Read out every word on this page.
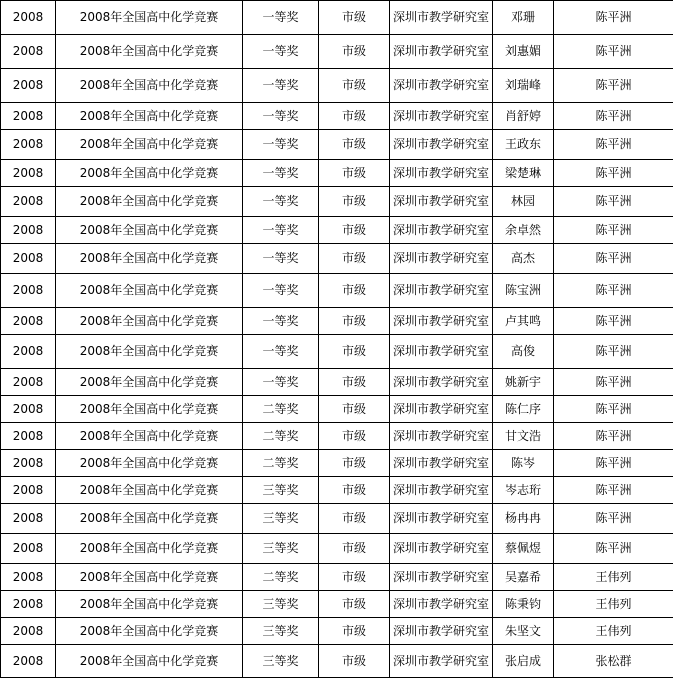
2008	2008年全国高中化学竞赛	一等奖	市级	深圳市教学研究室	邓珊	陈平洲
2008	2008年全国高中化学竞赛	一等奖	市级	深圳市教学研究室	刘惠媚	陈平洲
2008	2008年全国高中化学竞赛	一等奖	市级	深圳市教学研究室	刘瑞峰	陈平洲
2008	2008年全国高中化学竞赛	一等奖	市级	深圳市教学研究室	肖舒婷	陈平洲
2008	2008年全国高中化学竞赛	一等奖	市级	深圳市教学研究室	王政东	陈平洲
2008	2008年全国高中化学竞赛	一等奖	市级	深圳市教学研究室	梁楚琳	陈平洲
2008	2008年全国高中化学竞赛	一等奖	市级	深圳市教学研究室	林园	陈平洲
2008	2008年全国高中化学竞赛	一等奖	市级	深圳市教学研究室	余卓然	陈平洲
2008	2008年全国高中化学竞赛	一等奖	市级	深圳市教学研究室	高杰	陈平洲
2008	2008年全国高中化学竞赛	一等奖	市级	深圳市教学研究室	陈宝洲	陈平洲
2008	2008年全国高中化学竞赛	一等奖	市级	深圳市教学研究室	卢其鸣	陈平洲
2008	2008年全国高中化学竞赛	一等奖	市级	深圳市教学研究室	高俊	陈平洲
2008	2008年全国高中化学竞赛	一等奖	市级	深圳市教学研究室	姚新宇	陈平洲
2008	2008年全国高中化学竞赛	二等奖	市级	深圳市教学研究室	陈仁序	陈平洲
2008	2008年全国高中化学竞赛	二等奖	市级	深圳市教学研究室	甘文浩	陈平洲
2008	2008年全国高中化学竞赛	二等奖	市级	深圳市教学研究室	陈岑	陈平洲
2008	2008年全国高中化学竞赛	三等奖	市级	深圳市教学研究室	岑志珩	陈平洲
2008	2008年全国高中化学竞赛	三等奖	市级	深圳市教学研究室	杨冉冉	陈平洲
2008	2008年全国高中化学竞赛	三等奖	市级	深圳市教学研究室	蔡佩煜	陈平洲
2008	2008年全国高中化学竞赛	二等奖	市级	深圳市教学研究室	吴嘉希	王伟列
2008	2008年全国高中化学竞赛	三等奖	市级	深圳市教学研究室	陈秉钧	王伟列
2008	2008年全国高中化学竞赛	三等奖	市级	深圳市教学研究室	朱坚文	王伟列
2008	2008年全国高中化学竞赛	三等奖	市级	深圳市教学研究室	张启成	张松群
